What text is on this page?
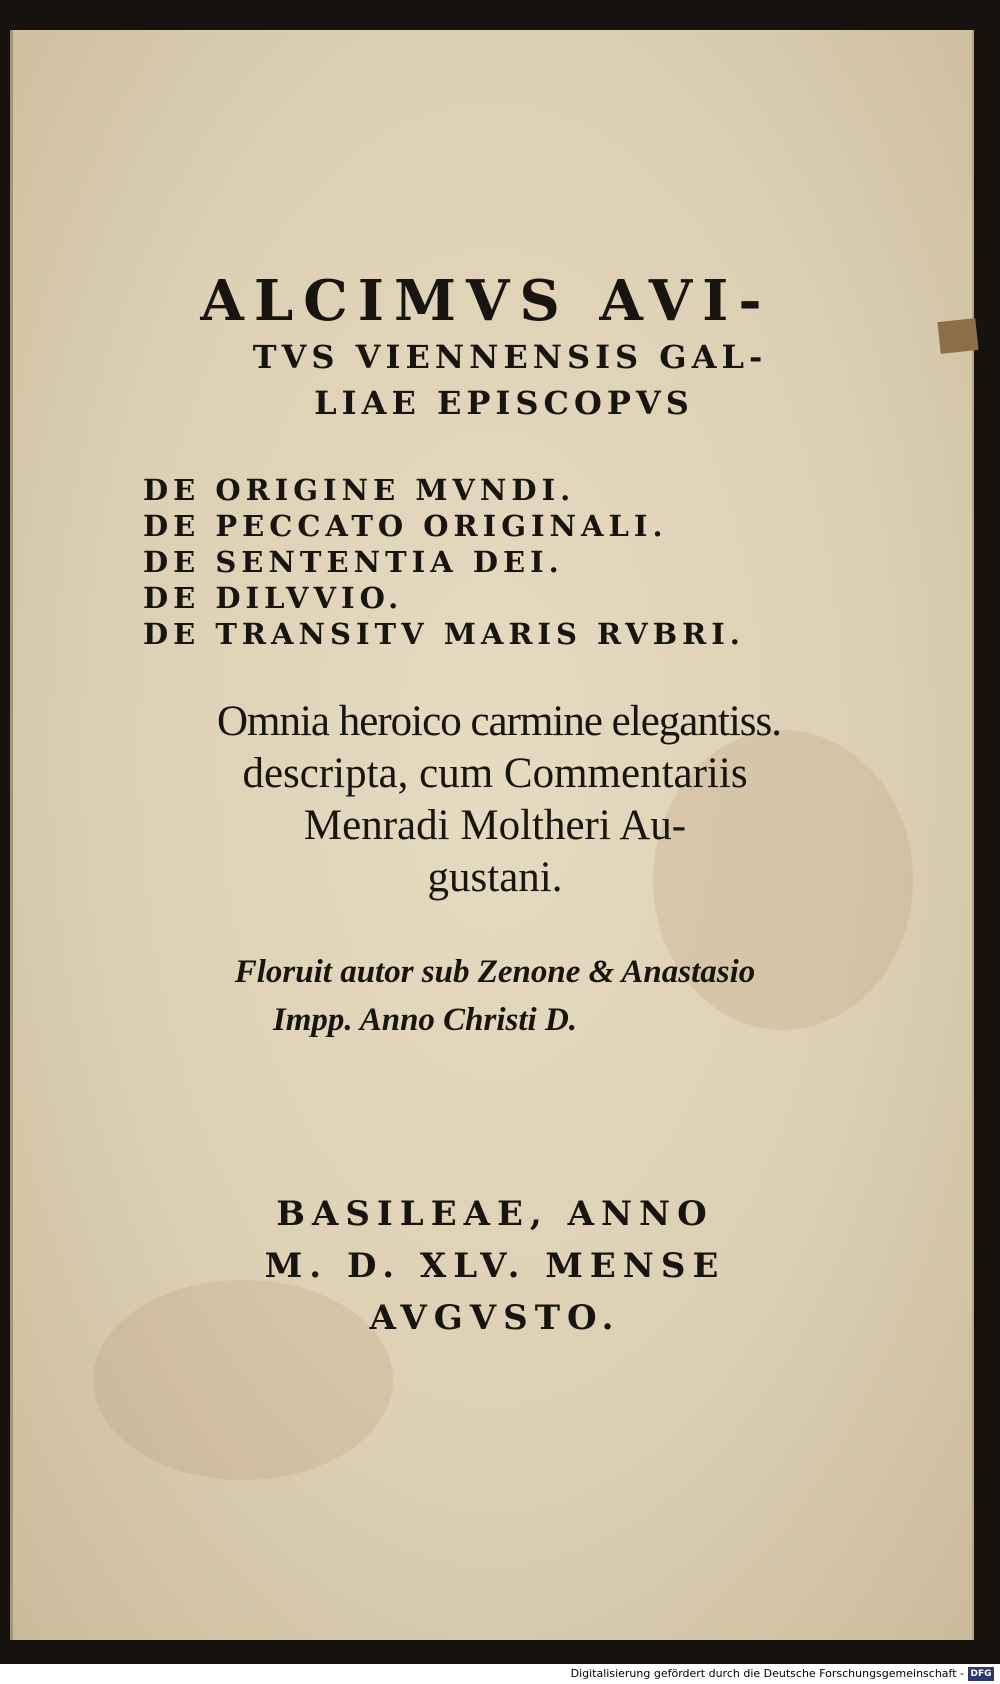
ALCIMVS AVI-
TVS VIENNENSIS GAL-
LIAE EPISCOPVS
DE ORIGINE MVNDI.
DE PECCATO ORIGINALI.
DE SENTENTIA DEI.
DE DILVVIO.
DE TRANSITV MARIS RVBRI.
Omnia heroico carmine elegantiss.
descripta, cum Commentariis
Menradi Moltheri Au-
gustani.
Floruit autor sub Zenone & Anastasio
Impp. Anno Christi D.
BASILEAE, ANNO
M. D. XLV. MENSE
AVGVSTO.
Digitalisierung gefördert durch die Deutsche Forschungsgemeinschaft - DFG
